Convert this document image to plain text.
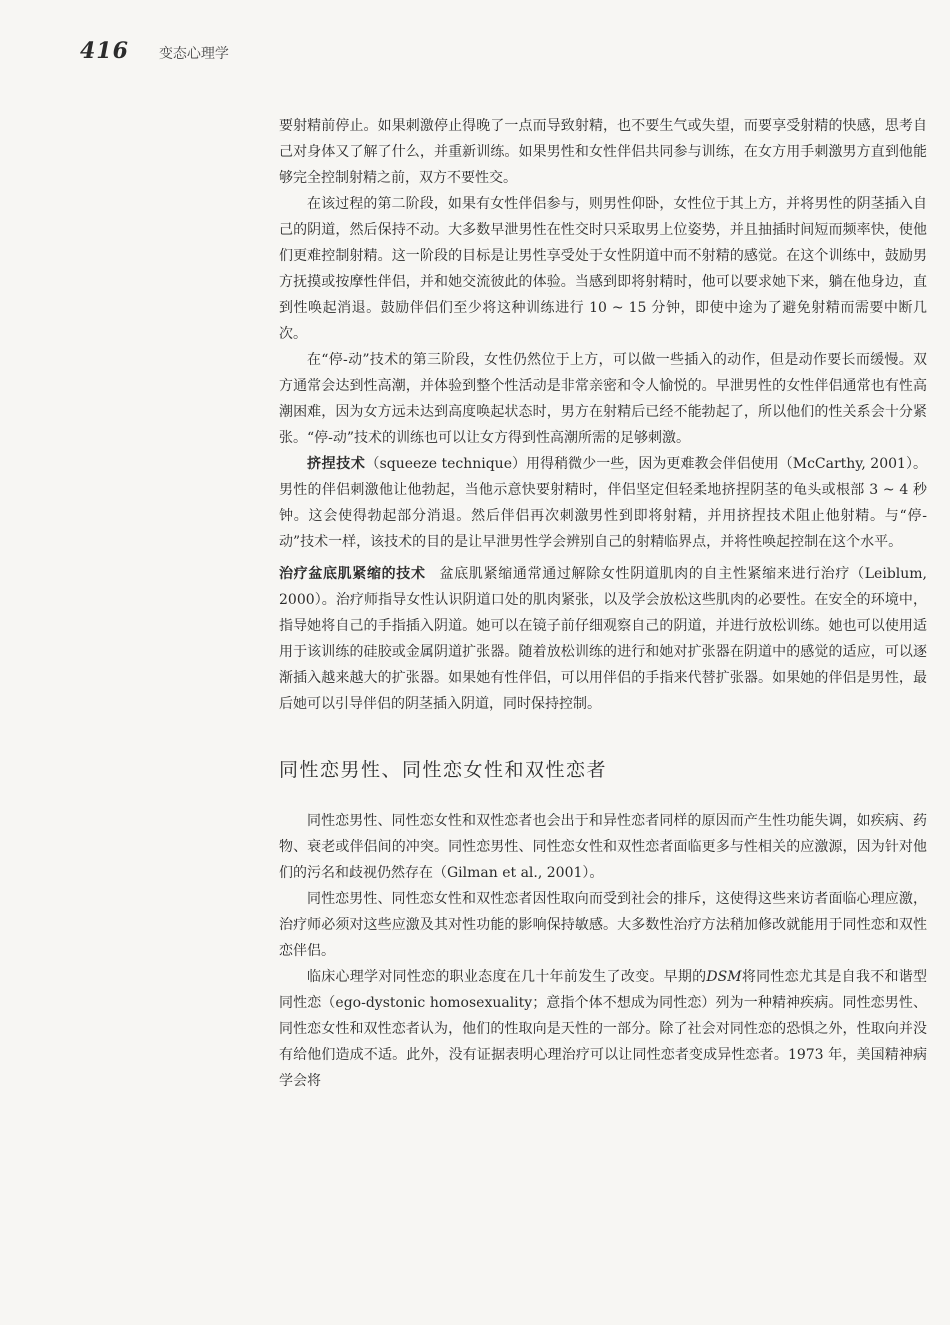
416 变态心理学

要射精前停止。如果刺激停止得晚了一点而导致射精，也不要生气或失望，而要享受射精的快感，思考自己对身体又了解了什么，并重新训练。如果男性和女性伴侣共同参与训练，在女方用手刺激男方直到他能够完全控制射精之前，双方不要性交。

在该过程的第二阶段，如果有女性伴侣参与，则男性仰卧，女性位于其上方，并将男性的阴茎插入自己的阴道，然后保持不动。大多数早泄男性在性交时只采取男上位姿势，并且抽插时间短而频率快，使他们更难控制射精。这一阶段的目标是让男性享受处于女性阴道中而不射精的感觉。在这个训练中，鼓励男方抚摸或按摩性伴侣，并和她交流彼此的体验。当感到即将射精时，他可以要求她下来，躺在他身边，直到性唤起消退。鼓励伴侣们至少将这种训练进行 10 ~ 15 分钟，即使中途为了避免射精而需要中断几次。

在“停-动”技术的第三阶段，女性仍然位于上方，可以做一些插入的动作，但是动作要长而缓慢。双方通常会达到性高潮，并体验到整个性活动是非常亲密和令人愉悦的。早泄男性的女性伴侣通常也有性高潮困难，因为女方远未达到高度唤起状态时，男方在射精后已经不能勃起了，所以他们的性关系会十分紧张。“停-动”技术的训练也可以让女方得到性高潮所需的足够刺激。

挤捏技术（squeeze technique）用得稍微少一些，因为更难教会伴侣使用（McCarthy, 2001）。男性的伴侣刺激他让他勃起，当他示意快要射精时，伴侣坚定但轻柔地挤捏阴茎的龟头或根部 3 ~ 4 秒钟。这会使得勃起部分消退。然后伴侣再次刺激男性到即将射精，并用挤捏技术阻止他射精。与“停-动”技术一样，该技术的目的是让早泄男性学会辨别自己的射精临界点，并将性唤起控制在这个水平。

治疗盆底肌紧缩的技术 盆底肌紧缩通常通过解除女性阴道肌肉的自主性紧缩来进行治疗（Leiblum, 2000）。治疗师指导女性认识阴道口处的肌肉紧张，以及学会放松这些肌肉的必要性。在安全的环境中，指导她将自己的手指插入阴道。她可以在镜子前仔细观察自己的阴道，并进行放松训练。她也可以使用适用于该训练的硅胶或金属阴道扩张器。随着放松训练的进行和她对扩张器在阴道中的感觉的适应，可以逐渐插入越来越大的扩张器。如果她有性伴侣，可以用伴侣的手指来代替扩张器。如果她的伴侣是男性，最后她可以引导伴侣的阴茎插入阴道，同时保持控制。

同性恋男性、同性恋女性和双性恋者

同性恋男性、同性恋女性和双性恋者也会出于和异性恋者同样的原因而产生性功能失调，如疾病、药物、衰老或伴侣间的冲突。同性恋男性、同性恋女性和双性恋者面临更多与性相关的应激源，因为针对他们的污名和歧视仍然存在（Gilman et al., 2001）。

同性恋男性、同性恋女性和双性恋者因性取向而受到社会的排斥，这使得这些来访者面临心理应激，治疗师必须对这些应激及其对性功能的影响保持敏感。大多数性治疗方法稍加修改就能用于同性恋和双性恋伴侣。

临床心理学对同性恋的职业态度在几十年前发生了改变。早期的DSM将同性恋尤其是自我不和谐型同性恋（ego-dystonic homosexuality；意指个体不想成为同性恋）列为一种精神疾病。同性恋男性、同性恋女性和双性恋者认为，他们的性取向是天性的一部分。除了社会对同性恋的恐惧之外，性取向并没有给他们造成不适。此外，没有证据表明心理治疗可以让同性恋者变成异性恋者。1973 年，美国精神病学会将
